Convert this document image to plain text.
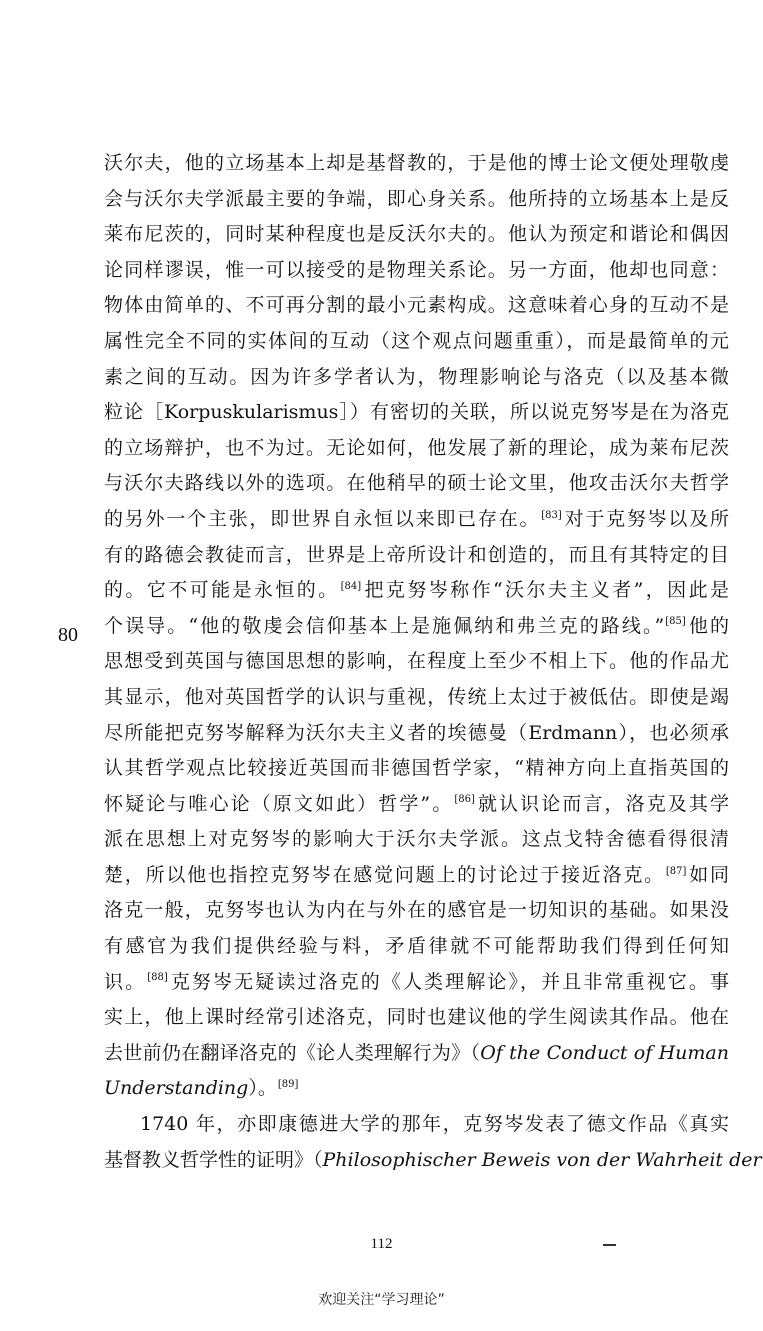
沃尔夫，他的立场基本上却是基督教的，于是他的博士论文便处理敬虔
会与沃尔夫学派最主要的争端，即心身关系。他所持的立场基本上是反
莱布尼茨的，同时某种程度也是反沃尔夫的。他认为预定和谐论和偶因
论同样谬误，惟一可以接受的是物理关系论。另一方面，他却也同意：
物体由简单的、不可再分割的最小元素构成。这意味着心身的互动不是
属性完全不同的实体间的互动（这个观点问题重重），而是最简单的元
素之间的互动。因为许多学者认为，物理影响论与洛克（以及基本微
粒论［Korpuskularismus］）有密切的关联，所以说克努岑是在为洛克
的立场辩护，也不为过。无论如何，他发展了新的理论，成为莱布尼茨
与沃尔夫路线以外的选项。在他稍早的硕士论文里，他攻击沃尔夫哲学
的另外一个主张，即世界自永恒以来即已存在。[83]对于克努岑以及所
有的路德会教徒而言，世界是上帝所设计和创造的，而且有其特定的目
的。它不可能是永恒的。[84]把克努岑称作“沃尔夫主义者”，因此是
个误导。“他的敬虔会信仰基本上是施佩纳和弗兰克的路线。”[85]他的
思想受到英国与德国思想的影响，在程度上至少不相上下。他的作品尤
其显示，他对英国哲学的认识与重视，传统上太过于被低估。即使是竭
尽所能把克努岑解释为沃尔夫主义者的埃德曼（Erdmann），也必须承
认其哲学观点比较接近英国而非德国哲学家，“精神方向上直指英国的
怀疑论与唯心论（原文如此）哲学”。[86]就认识论而言，洛克及其学
派在思想上对克努岑的影响大于沃尔夫学派。这点戈特舍德看得很清
楚，所以他也指控克努岑在感觉问题上的讨论过于接近洛克。[87]如同
洛克一般，克努岑也认为内在与外在的感官是一切知识的基础。如果没
有感官为我们提供经验与料，矛盾律就不可能帮助我们得到任何知
识。[88]克努岑无疑读过洛克的《人类理解论》，并且非常重视它。事
实上，他上课时经常引述洛克，同时也建议他的学生阅读其作品。他在
去世前仍在翻译洛克的《论人类理解行为》（Of the Conduct of Human
Understanding）。[89]
1740 年，亦即康德进大学的那年，克努岑发表了德文作品《真实
基督教义哲学性的证明》（Philosophischer Beweis von der Wahrheit der
80
112
欢迎关注“学习理论”
